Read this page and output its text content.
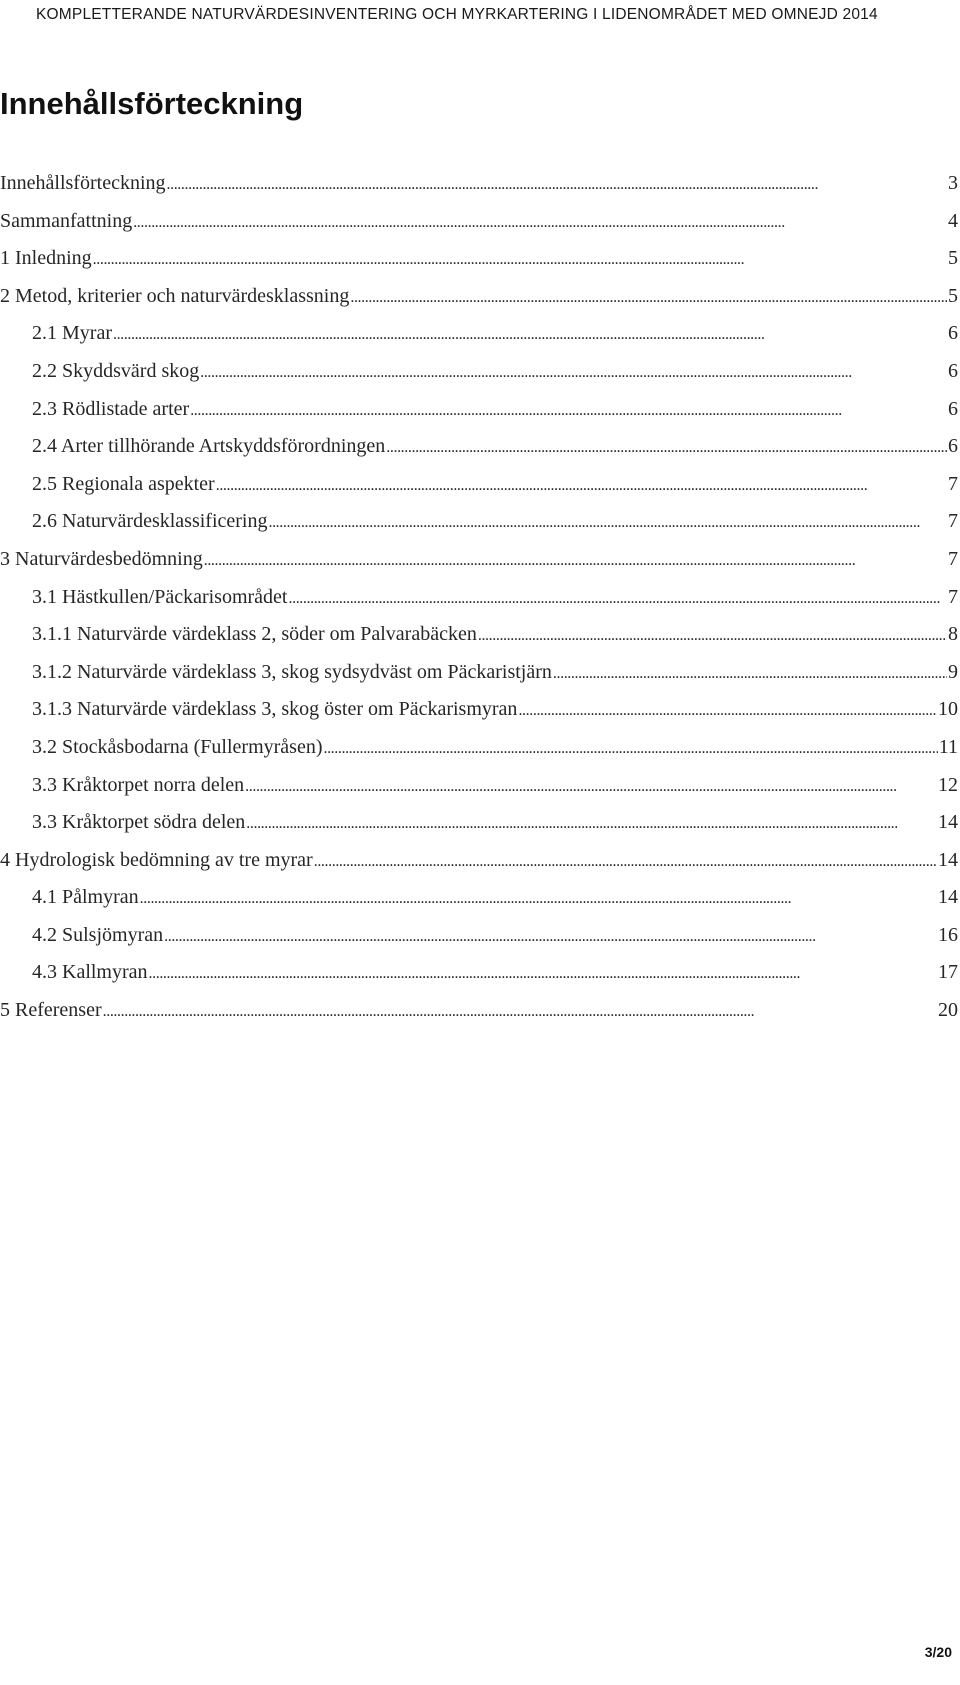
KOMPLETTERANDE NATURVÄRDESINVENTERING OCH MYRKARTERING I LIDENOMRÅDET MED OMNEJD 2014
Innehållsförteckning
Innehållsförteckning . . .	3
Sammanfattning . . .	4
1 Inledning . . .	5
2 Metod, kriterier och naturvärdesklassning . . .	5
2.1 Myrar . . .	6
2.2 Skyddsvärd skog . . .	6
2.3 Rödlistade arter . . .	6
2.4 Arter tillhörande Artskyddsförordningen . . .	6
2.5 Regionala aspekter . . .	7
2.6 Naturvärdesklassificering . . .	7
3 Naturvärdesbedömning . . .	7
3.1 Hästkullen/Päckarisområdet . . .	7
3.1.1 Naturvärde värdeklass 2, söder om Palvarabäcken . . .	8
3.1.2 Naturvärde värdeklass 3, skog sydsydväst om Päckaristjärn . . .	9
3.1.3 Naturvärde värdeklass 3, skog öster om Päckarismyran . . .	10
3.2 Stockåsbodarna (Fullermyråsen) . . .	11
3.3 Kråktorpet norra delen . . .	12
3.3 Kråktorpet södra delen . . .	14
4 Hydrologisk bedömning av tre myrar . . .	14
4.1 Pålmyran . . .	14
4.2 Sulsjömyran . . .	16
4.3 Kallmyran . . .	17
5 Referenser . . .	20
3/20
